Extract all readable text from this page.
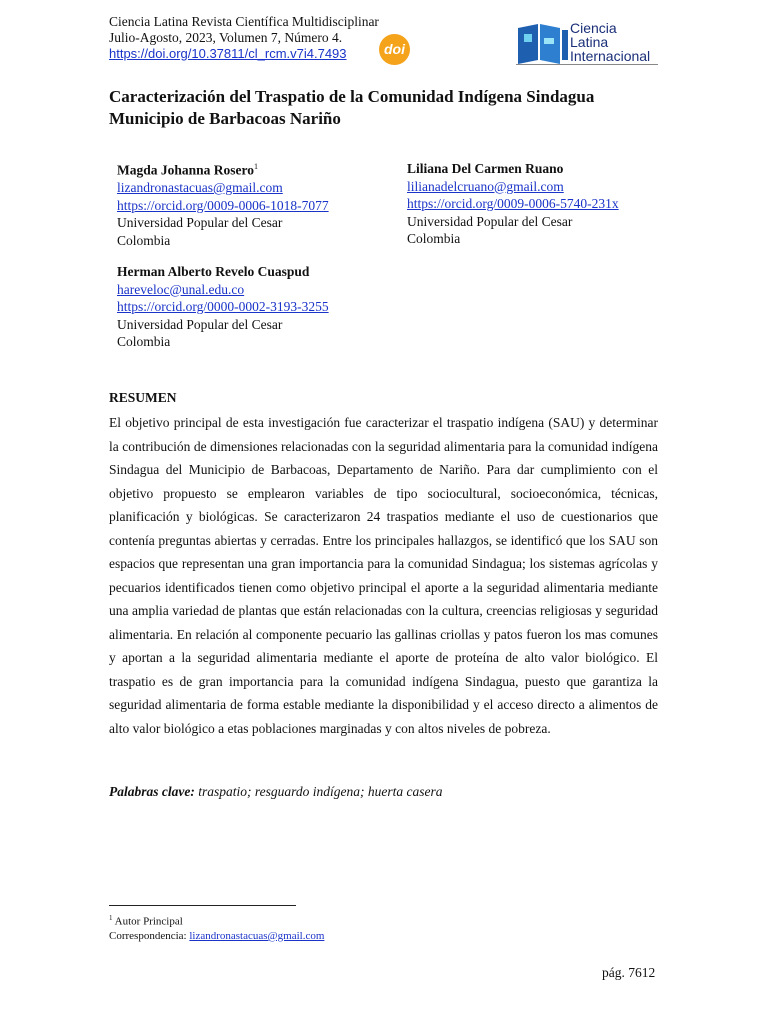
Ciencia Latina Revista Científica Multidisciplinar
Julio-Agosto, 2023, Volumen 7, Número 4.
https://doi.org/10.37811/cl_rcm.v7i4.7493	doi
Ciencia
Latina
Internacional
Caracterización del Traspatio de la Comunidad Indígena Sindagua Municipio de Barbacoas Nariño
Magda Johanna Rosero$^1$
lizandronastacuas@gmail.com
https://orcid.org/0009-0006-1018-7077
Universidad Popular del Cesar
Colombia
Liliana Del Carmen Ruano
lilianadelcruano@gmail.com
https://orcid.org/0009-0006-5740-231x
Universidad Popular del Cesar
Colombia
Herman Alberto Revelo Cuaspud
hareveloc@unal.edu.co
https://orcid.org/0000-0002-3193-3255
Universidad Popular del Cesar
Colombia
RESUMEN
El objetivo principal de esta investigación fue caracterizar el traspatio indígena (SAU) y determinar la contribución de dimensiones relacionadas con la seguridad alimentaria para la comunidad indígena Sindagua del Municipio de Barbacoas, Departamento de Nariño. Para dar cumplimiento con el objetivo propuesto se emplearon variables de tipo sociocultural, socioeconómica, técnicas, planificación y biológicas. Se caracterizaron 24 traspatios mediante el uso de cuestionarios que contenía preguntas abiertas y cerradas. Entre los principales hallazgos, se identificó que los SAU son espacios que representan una gran importancia para la comunidad Sindagua; los sistemas agrícolas y pecuarios identificados tienen como objetivo principal el aporte a la seguridad alimentaria mediante una amplia variedad de plantas que están relacionadas con la cultura, creencias religiosas y seguridad alimentaria. En relación al componente pecuario las gallinas criollas y patos fueron los mas comunes y aportan a la seguridad alimentaria mediante el aporte de proteína de alto valor biológico. El traspatio es de gran importancia para la comunidad indígena Sindagua, puesto que garantiza la seguridad alimentaria de forma estable mediante la disponibilidad y el acceso directo a alimentos de alto valor biológico a etas poblaciones marginadas y con altos niveles de pobreza.
Palabras clave: traspatio; resguardo indígena; huerta casera
$^1$ Autor Principal
Correspondencia: lizandronastacuas@gmail.com
pág. 7612
